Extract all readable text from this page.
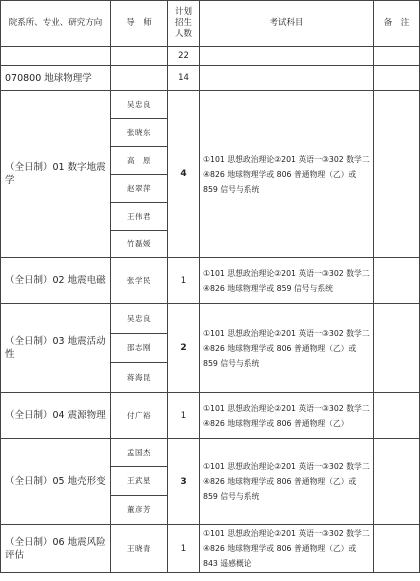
院系所、专业、研究方向	导　师	计划招生人数	考试科目	备　注
		22		
070800 地球物理学		14		
（全日制）01 数字地震学	吴忠良	4	①101 思想政治理论②201 英语一③302 数学二④826 地球物理学或 806 普通物理（乙）或 859 信号与系统	
	张晓东			
	高　原			
	赵翠萍			
	王伟君			
	竹磊媛			
（全日制）02 地震电磁	张学民	1	①101 思想政治理论②201 英语一③302 数学二④826 地球物理学或 859 信号与系统	
（全日制）03 地震活动性	吴忠良	2	①101 思想政治理论②201 英语一③302 数学二④826 地球物理学或 806 普通物理（乙）或 859 信号与系统	
	邵志刚			
	蒋海昆			
（全日制）04 震源物理	付广裕	1	①101 思想政治理论②201 英语一③302 数学二④826 地球物理学或 806 普通物理（乙）	
（全日制）05 地壳形变	孟国杰	3	①101 思想政治理论②201 英语一③302 数学二④826 地球物理学或 806 普通物理（乙）或 859 信号与系统	
	王武星			
	董彦芳			
（全日制）06 地震风险评估	王晓青	1	①101 思想政治理论②201 英语一③302 数学二④826 地球物理学或 806 普通物理（乙）或 843 遥感概论	
